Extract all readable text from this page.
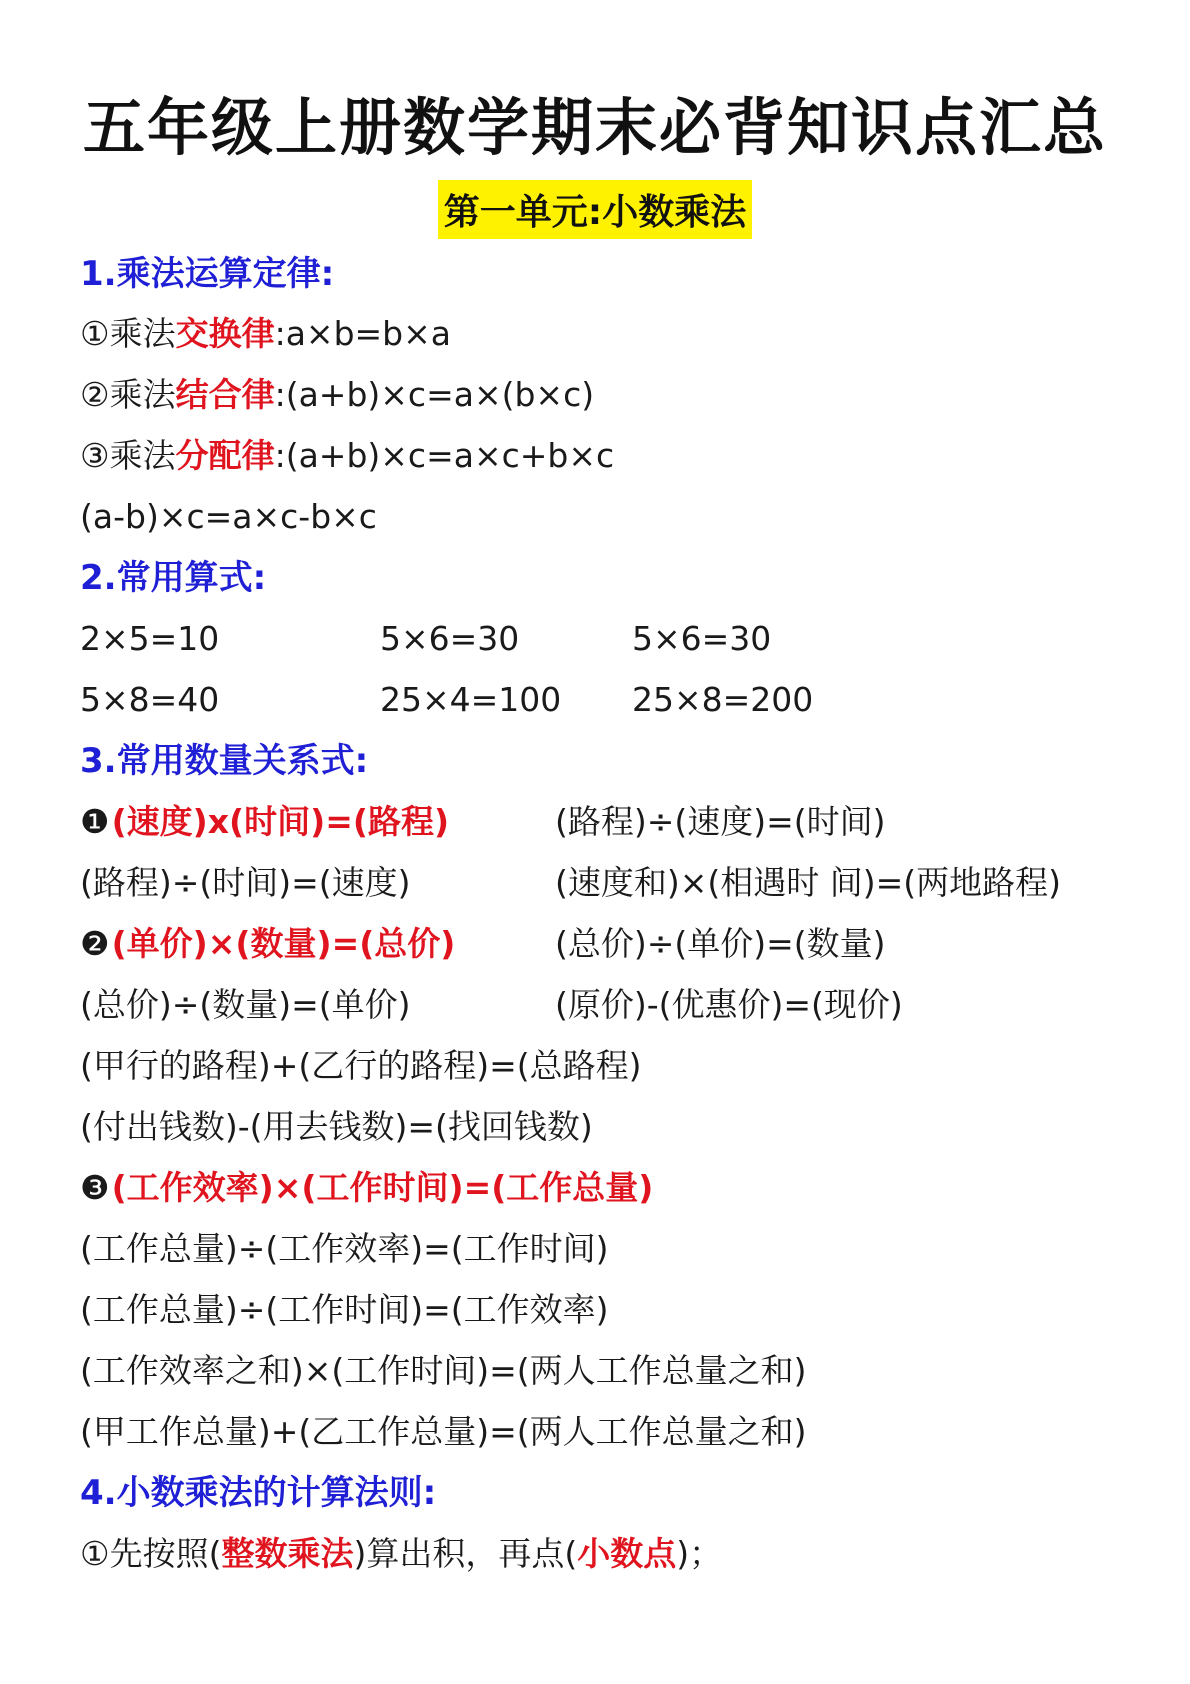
五年级上册数学期末必背知识点汇总
第一单元:小数乘法
1.乘法运算定律:
①乘法交换律:a×b=b×a
②乘法结合律:(a+b)×c=a×(b×c)
③乘法分配律:(a+b)×c=a×c+b×c
(a-b)×c=a×c-b×c
2.常用算式:
2×5=10	5×6=30	5×6=30
5×8=40	25×4=100 25×8=200
3.常用数量关系式:
❶(速度)x(时间)=(路程)	(路程)÷(速度)=(时间)
(路程)÷(时间)=(速度)	(速度和)×(相遇时 间)=(两地路程)
❷(单价)×(数量)=(总价)	(总价)÷(单价)=(数量)
(总价)÷(数量)=(单价)	(原价)-(优惠价)=(现价)
(甲行的路程)+(乙行的路程)=(总路程)
(付出钱数)-(用去钱数)=(找回钱数)
❸(工作效率)×(工作时间)=(工作总量)
(工作总量)÷(工作效率)=(工作时间)
(工作总量)÷(工作时间)=(工作效率)
(工作效率之和)×(工作时间)=(两人工作总量之和)
(甲工作总量)+(乙工作总量)=(两人工作总量之和)
4.小数乘法的计算法则:
①先按照(整数乘法)算出积，再点(小数点)；
